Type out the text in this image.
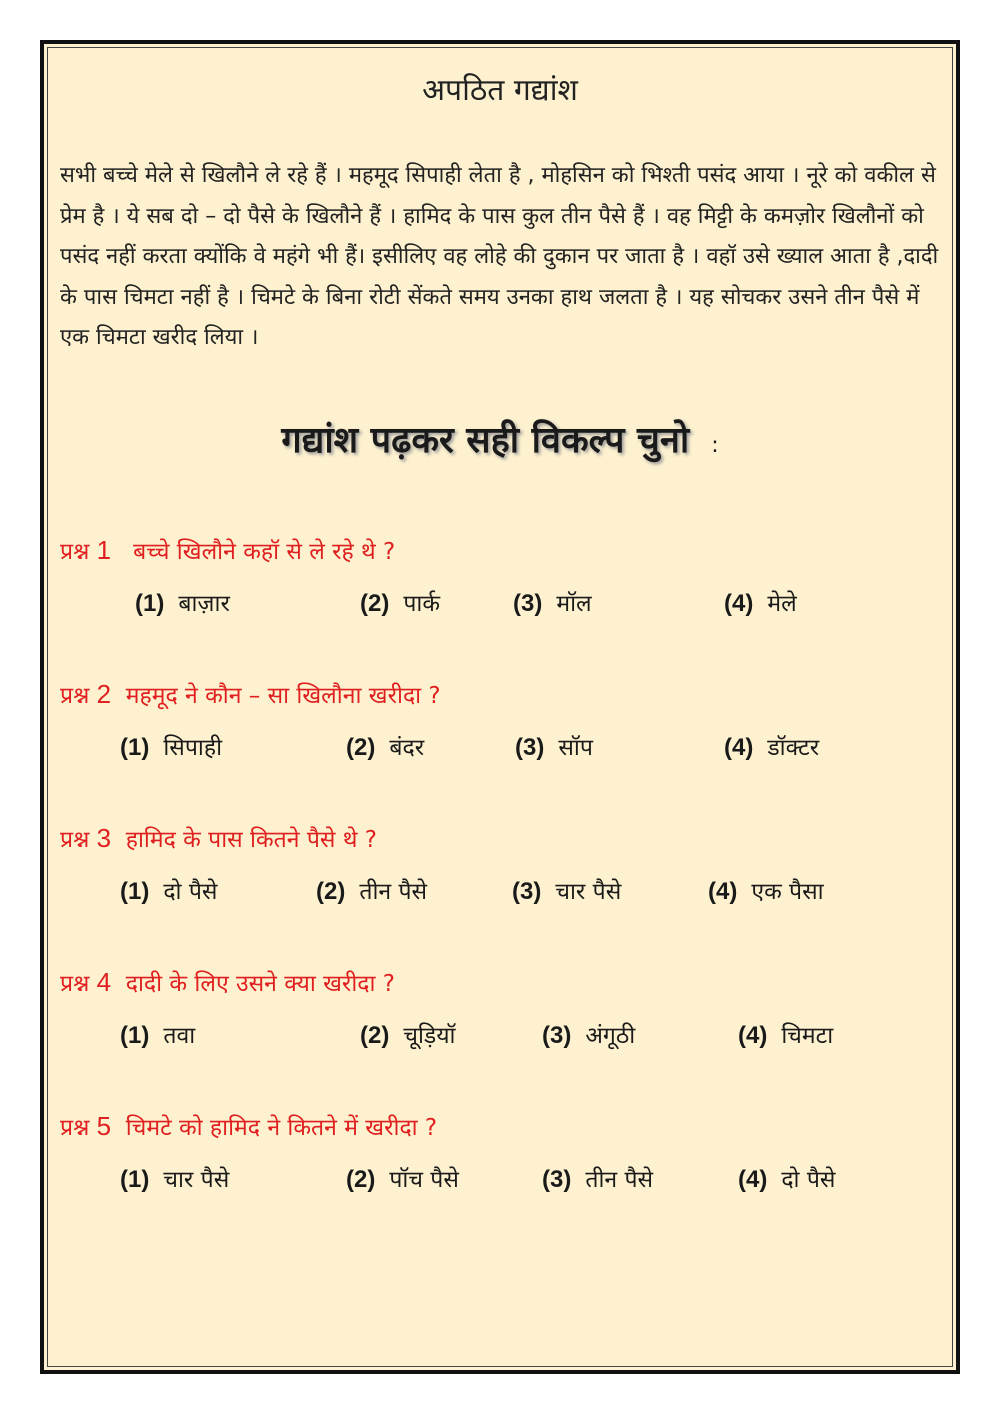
अपठित गद्यांश

सभी बच्चे मेले से खिलौने ले रहे हैं । महमूद सिपाही लेता है , मोहसिन को भिश्ती पसंद आया । नूरे को वकील से प्रेम है । ये सब दो – दो पैसे के खिलौने हैं । हामिद के पास कुल तीन पैसे हैं । वह मिट्टी के कमज़ोर खिलौनों को पसंद नहीं करता क्योंकि वे महंगे भी हैं। इसीलिए वह लोहे की दुकान पर जाता है । वहॉ उसे ख्याल आता है ,दादी के पास चिमटा नहीं है । चिमटे के बिना रोटी सेंकते समय उनका हाथ जलता है । यह सोचकर उसने तीन पैसे में एक चिमटा खरीद लिया ।

गद्यांश पढ़कर सही विकल्प चुनो :

प्रश्न 1 बच्चे खिलौने कहॉ से ले रहे थे ?

(1) बाज़ार	(2) पार्क	(3) मॉल	(4) मेले

प्रश्न 2 महमूद ने कौन – सा खिलौना खरीदा ?

(1) सिपाही	(2) बंदर	(3) सॉप	(4) डॉक्टर

प्रश्न 3 हामिद के पास कितने पैसे थे ?

(1) दो पैसे	(2) तीन पैसे	(3) चार पैसे	(4) एक पैसा

प्रश्न 4 दादी के लिए उसने क्या खरीदा ?

(1) तवा	(2) चूड़ियॉ	(3) अंगूठी	(4) चिमटा

प्रश्न 5 चिमटे को हामिद ने कितने में खरीदा ?

(1) चार पैसे	(2) पॉच पैसे	(3) तीन पैसे	(4) दो पैसे
